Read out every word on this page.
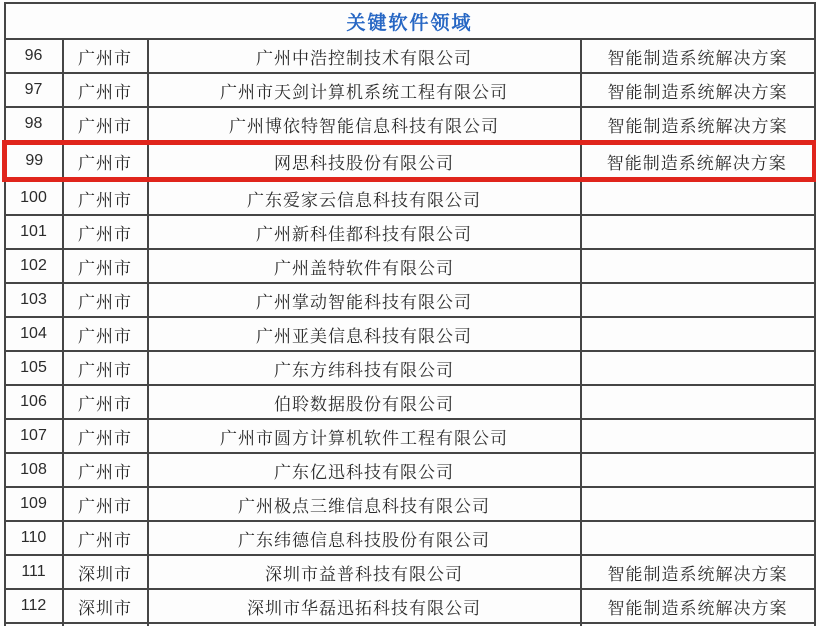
关键软件领域			
96	广州市	广州中浩控制技术有限公司	智能制造系统解决方案
97	广州市	广州市天剑计算机系统工程有限公司	智能制造系统解决方案
98	广州市	广州博依特智能信息科技有限公司	智能制造系统解决方案
99	广州市	网思科技股份有限公司	智能制造系统解决方案
100	广州市	广东爱家云信息科技有限公司	
101	广州市	广州新科佳都科技有限公司	
102	广州市	广州盖特软件有限公司	
103	广州市	广州掌动智能科技有限公司	
104	广州市	广州亚美信息科技有限公司	
105	广州市	广东方纬科技有限公司	
106	广州市	伯聆数据股份有限公司	
107	广州市	广州市圆方计算机软件工程有限公司	
108	广州市	广东亿迅科技有限公司	
109	广州市	广州极点三维信息科技有限公司	
110	广州市	广东纬德信息科技股份有限公司	
111	深圳市	深圳市益普科技有限公司	智能制造系统解决方案
112	深圳市	深圳市华磊迅拓科技有限公司	智能制造系统解决方案
